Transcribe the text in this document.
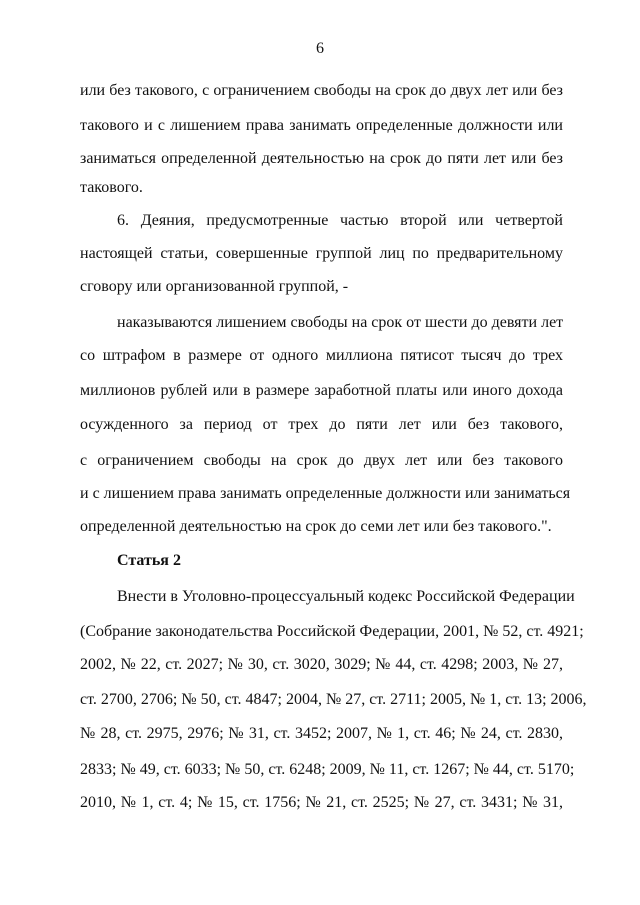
6
или без такового, с ограничением свободы на срок до двух лет или без
такового и с лишением права занимать определенные должности или
заниматься определенной деятельностью на срок до пяти лет или без
такового.
6. Деяния, предусмотренные частью второй или четвертой
настоящей статьи, совершенные группой лиц по предварительному
сговору или организованной группой, -
наказываются лишением свободы на срок от шести до девяти лет
со штрафом в размере от одного миллиона пятисот тысяч до трех
миллионов рублей или в размере заработной платы или иного дохода
осужденного за период от трех до пяти лет или без такового,
с ограничением свободы на срок до двух лет или без такового
и с лишением права занимать определенные должности или заниматься
определенной деятельностью на срок до семи лет или без такового.".
Статья 2
Внести в Уголовно-процессуальный кодекс Российской Федерации
(Собрание законодательства Российской Федерации, 2001, № 52, ст. 4921;
2002, № 22, ст. 2027; № 30, ст. 3020, 3029; № 44, ст. 4298; 2003, № 27,
ст. 2700, 2706; № 50, ст. 4847; 2004, № 27, ст. 2711; 2005, № 1, ст. 13; 2006,
№ 28, ст. 2975, 2976; № 31, ст. 3452; 2007, № 1, ст. 46; № 24, ст. 2830,
2833; № 49, ст. 6033; № 50, ст. 6248; 2009, № 11, ст. 1267; № 44, ст. 5170;
2010, № 1, ст. 4; № 15, ст. 1756; № 21, ст. 2525; № 27, ст. 3431; № 31,
